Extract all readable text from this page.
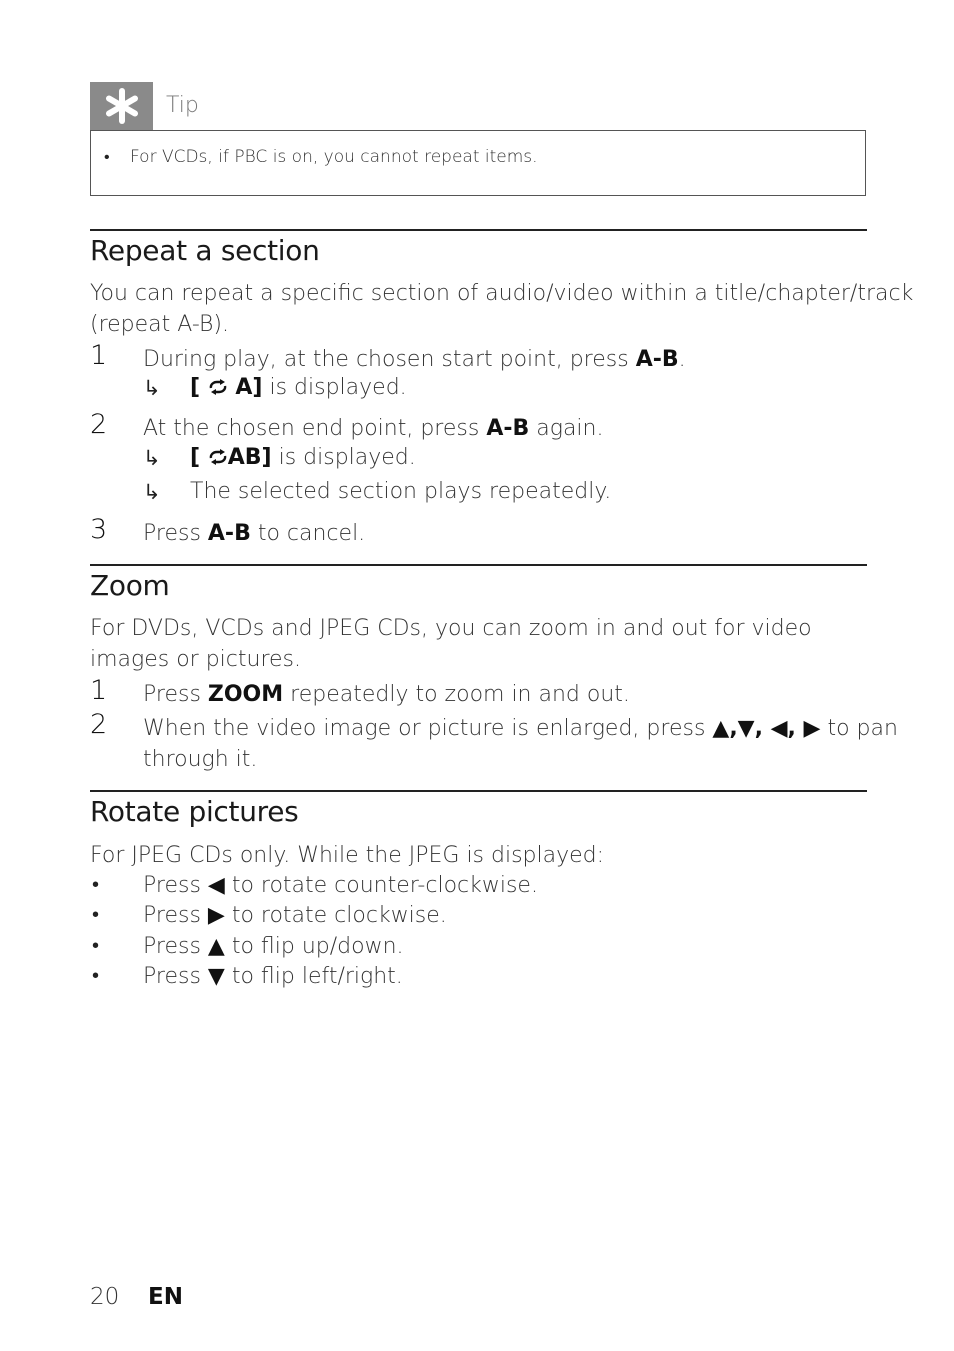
Tip
• For VCDs, if PBC is on, you cannot repeat items.
Repeat a section
You can repeat a specific section of audio/video within a title/chapter/track
(repeat A-B).
1 During play, at the chosen start point, press A-B.
↳ [  A] is displayed.
2 At the chosen end point, press A-B again.
↳ [ AB] is displayed.
↳ The selected section plays repeatedly.
3 Press A-B to cancel.
Zoom
For DVDs, VCDs and JPEG CDs, you can zoom in and out for video
images or pictures.
1 Press ZOOM repeatedly to zoom in and out.
2 When the video image or picture is enlarged, press ▲,▼, ◀, ▶ to pan
through it.
Rotate pictures
For JPEG CDs only. While the JPEG is displayed:
• Press ◀ to rotate counter-clockwise.
• Press ▶ to rotate clockwise.
• Press ▲ to flip up/down.
• Press ▼ to flip left/right.
20 EN
